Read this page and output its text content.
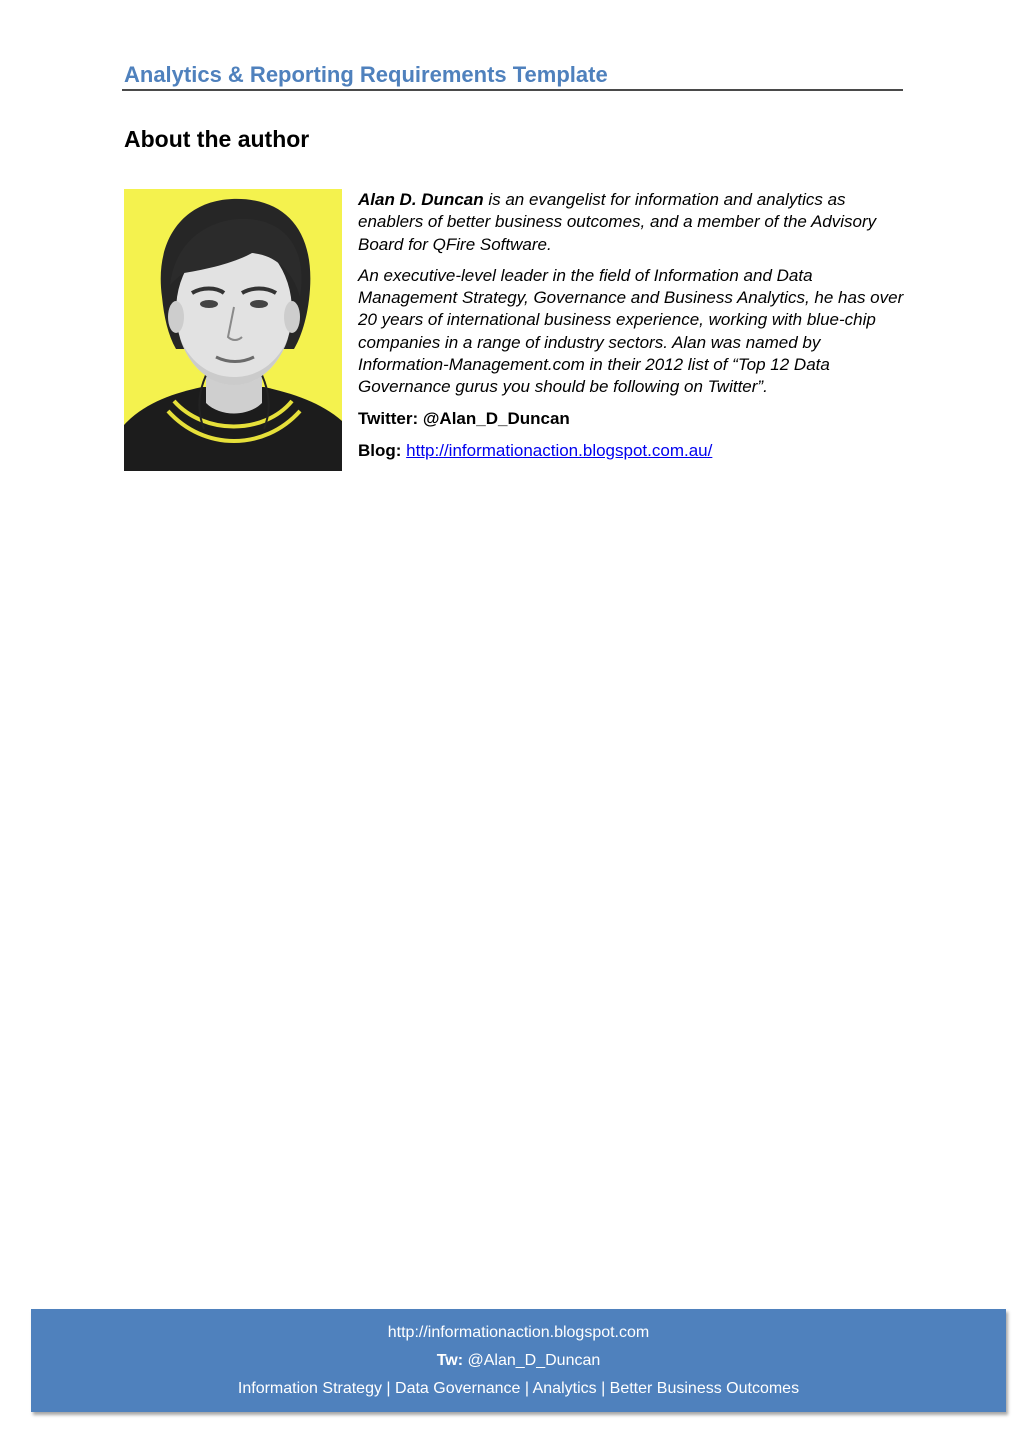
Analytics & Reporting Requirements Template
About the author

Alan D. Duncan is an evangelist for information and analytics as enablers of better business outcomes, and a member of the Advisory Board for QFire Software.

An executive-level leader in the field of Information and Data Management Strategy, Governance and Business Analytics, he has over 20 years of international business experience, working with blue-chip companies in a range of industry sectors. Alan was named by Information-Management.com in their 2012 list of “Top 12 Data Governance gurus you should be following on Twitter”.

Twitter: @Alan_D_Duncan
Blog: http://informationaction.blogspot.com.au/
http://informationaction.blogspot.com
Tw: @Alan_D_Duncan
Information Strategy | Data Governance | Analytics | Better Business Outcomes
